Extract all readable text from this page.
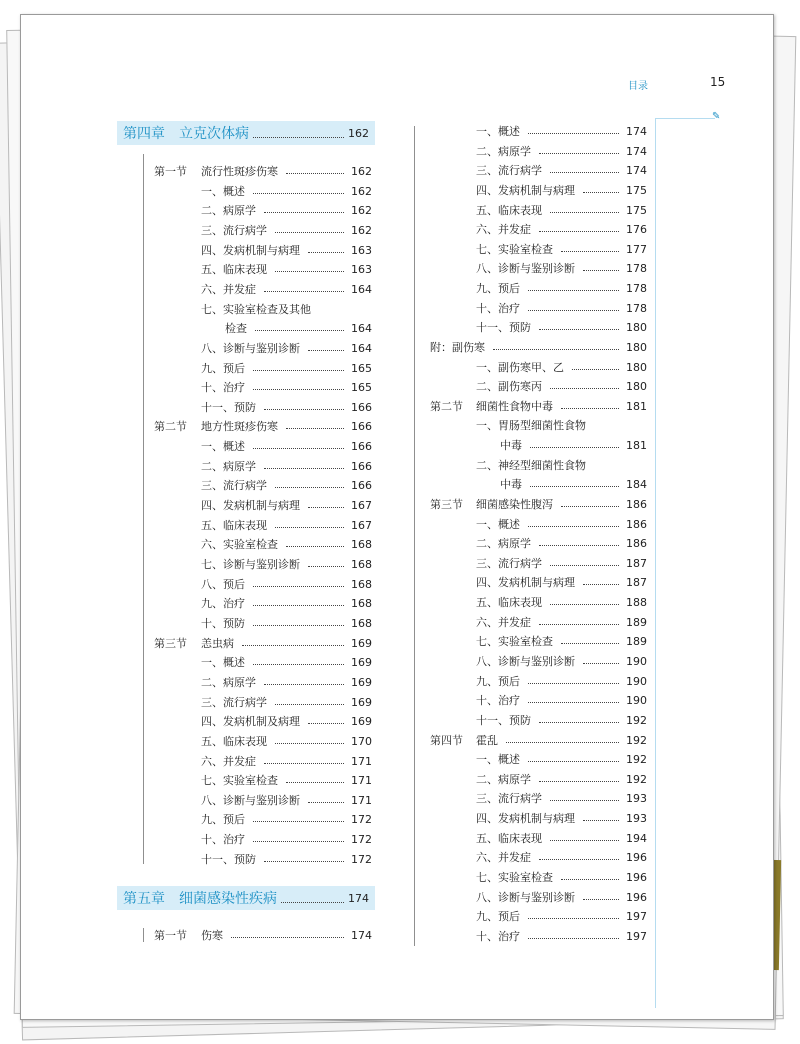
目录	15
✎
第四章　立克次体病	162
第五章　细菌感染性疾病	174
第一节 流行性斑疹伤寒	162
一、概述	162
二、病原学	162
三、流行病学	162
四、发病机制与病理	163
五、临床表现	163
六、并发症	164
七、实验室检查及其他
检查	164
八、诊断与鉴别诊断	164
九、预后	165
十、治疗	165
十一、预防	166
第二节 地方性斑疹伤寒	166
一、概述	166
二、病原学	166
三、流行病学	166
四、发病机制与病理	167
五、临床表现	167
六、实验室检查	168
七、诊断与鉴别诊断	168
八、预后	168
九、治疗	168
十、预防	168
第三节 恙虫病	169
一、概述	169
二、病原学	169
三、流行病学	169
四、发病机制及病理	169
五、临床表现	170
六、并发症	171
七、实验室检查	171
八、诊断与鉴别诊断	171
九、预后	172
十、治疗	172
十一、预防	172
第一节 伤寒	174
一、概述	174
二、病原学	174
三、流行病学	174
四、发病机制与病理	175
五、临床表现	175
六、并发症	176
七、实验室检查	177
八、诊断与鉴别诊断	178
九、预后	178
十、治疗	178
十一、预防	180
附：副伤寒	180
一、副伤寒甲、乙	180
二、副伤寒丙	180
第二节 细菌性食物中毒	181
一、胃肠型细菌性食物
中毒	181
二、神经型细菌性食物
中毒	184
第三节 细菌感染性腹泻	186
一、概述	186
二、病原学	186
三、流行病学	187
四、发病机制与病理	187
五、临床表现	188
六、并发症	189
七、实验室检查	189
八、诊断与鉴别诊断	190
九、预后	190
十、治疗	190
十一、预防	192
第四节 霍乱	192
一、概述	192
二、病原学	192
三、流行病学	193
四、发病机制与病理	193
五、临床表现	194
六、并发症	196
七、实验室检查	196
八、诊断与鉴别诊断	196
九、预后	197
十、治疗	197
